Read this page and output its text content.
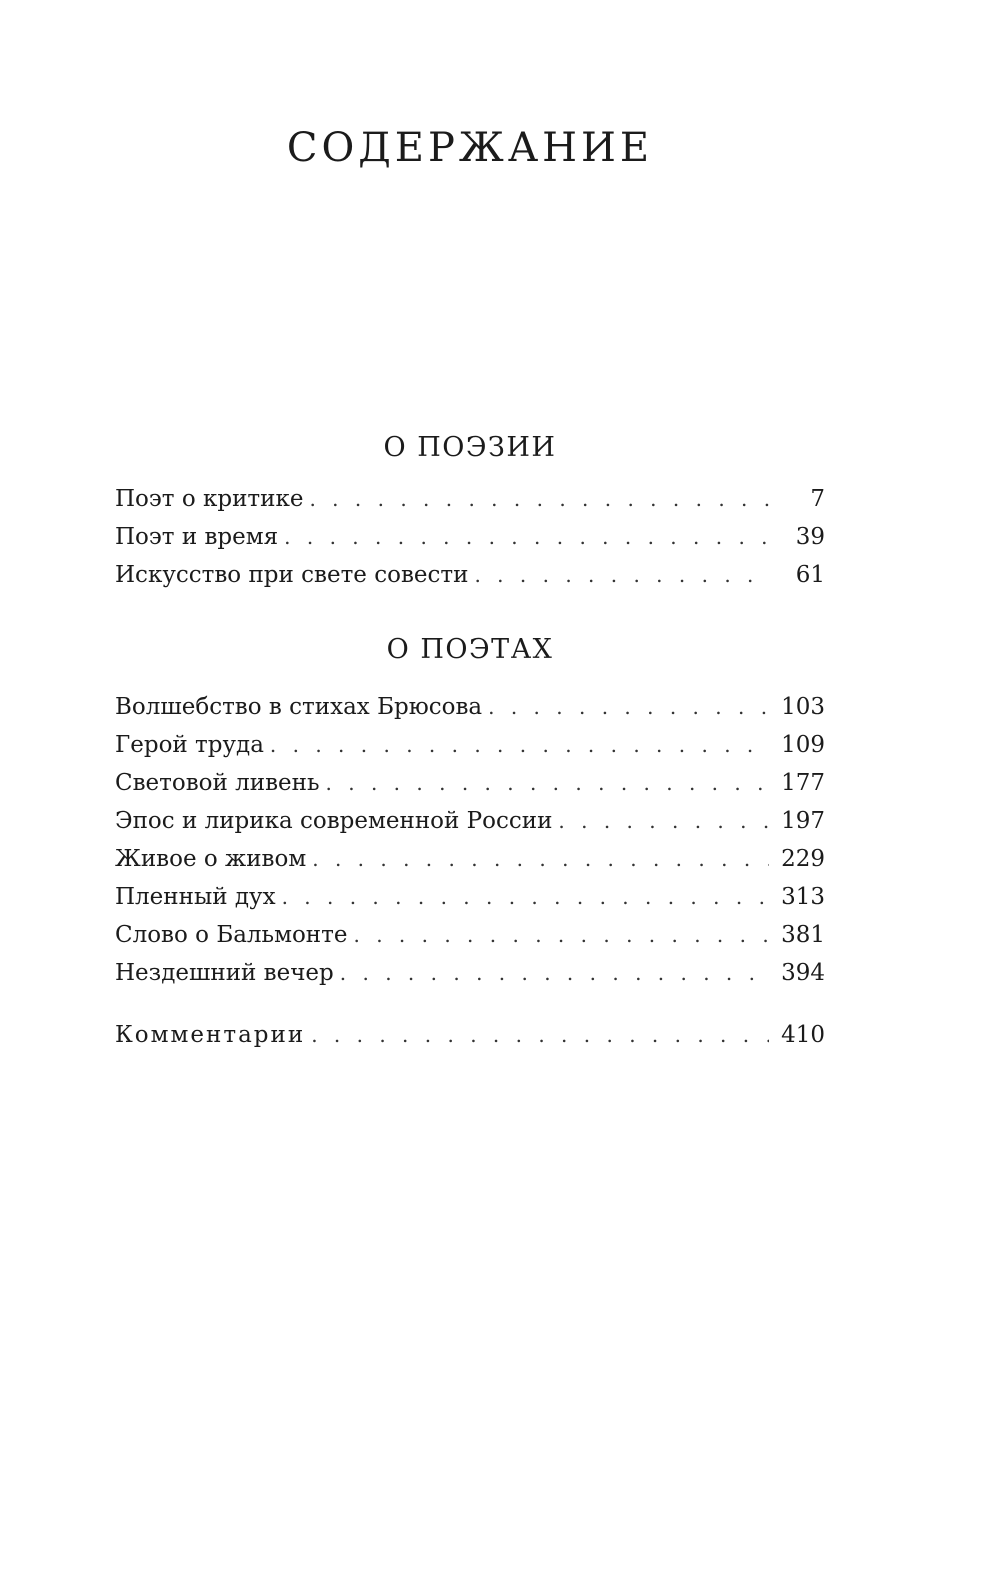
СОДЕРЖАНИЕ
О ПОЭЗИИ
Поэт о критике . . .	7
Поэт и время . . .	39
Искусство при свете совести . . .	61
О ПОЭТАХ
Волшебство в стихах Брюсова . . .	103
Герой труда . . .	109
Световой ливень . . .	177
Эпос и лирика современной России . . .	197
Живое о живом . . .	229
Пленный дух . . .	313
Слово о Бальмонте . . .	381
Нездешний вечер . . .	394
Комментарии . . .	410
